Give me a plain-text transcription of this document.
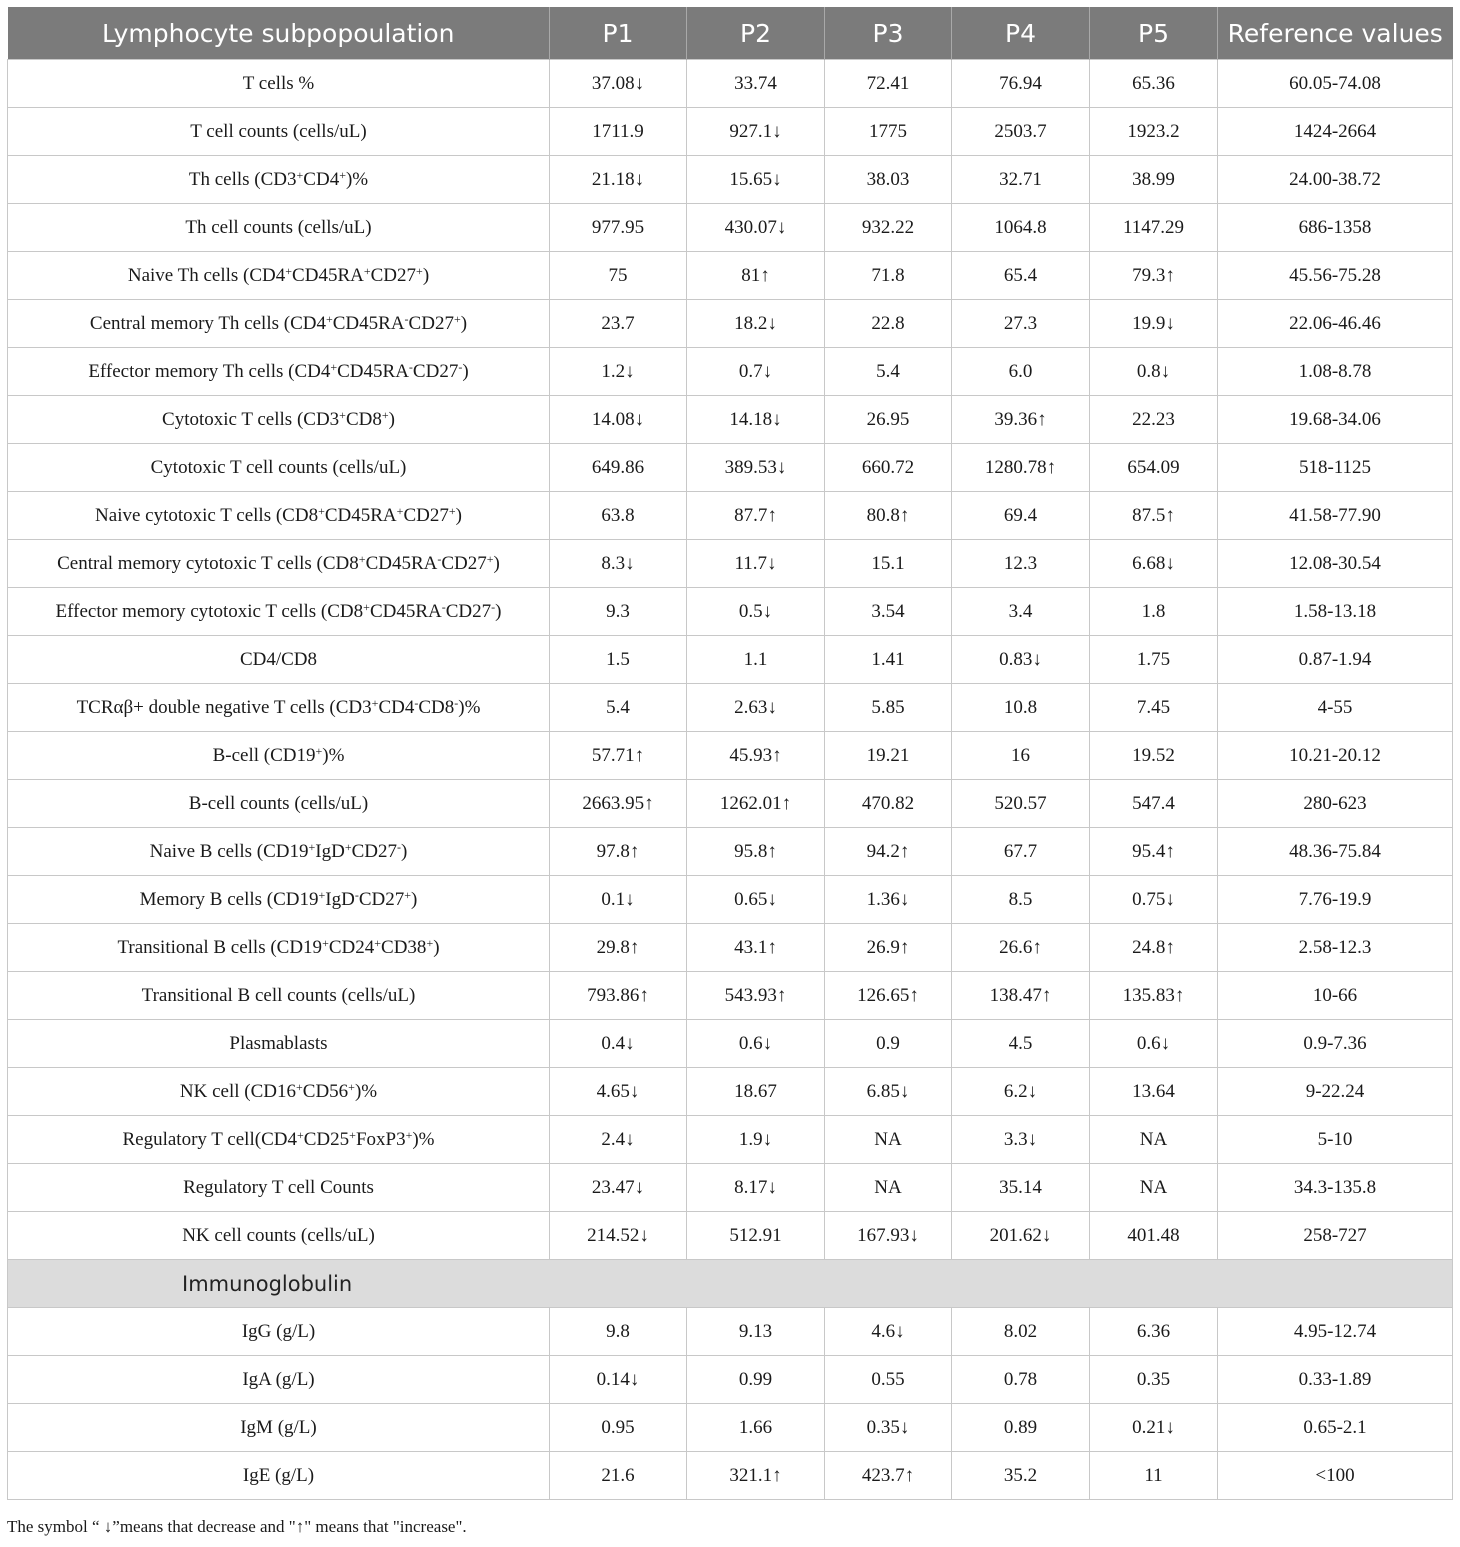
Lymphocyte subpopoulation	P1	P2	P3	P4	P5	Reference values
T cells %	37.08↓	33.74	72.41	76.94	65.36	60.05-74.08
T cell counts (cells/uL)	1711.9	927.1↓	1775	2503.7	1923.2	1424-2664
Th cells (CD3+CD4+)%	21.18↓	15.65↓	38.03	32.71	38.99	24.00-38.72
Th cell counts (cells/uL)	977.95	430.07↓	932.22	1064.8	1147.29	686-1358
Naive Th cells (CD4+CD45RA+CD27+)	75	81↑	71.8	65.4	79.3↑	45.56-75.28
Central memory Th cells (CD4+CD45RA-CD27+)	23.7	18.2↓	22.8	27.3	19.9↓	22.06-46.46
Effector memory Th cells (CD4+CD45RA-CD27-)	1.2↓	0.7↓	5.4	6.0	0.8↓	1.08-8.78
Cytotoxic T cells (CD3+CD8+)	14.08↓	14.18↓	26.95	39.36↑	22.23	19.68-34.06
Cytotoxic T cell counts (cells/uL)	649.86	389.53↓	660.72	1280.78↑	654.09	518-1125
Naive cytotoxic T cells (CD8+CD45RA+CD27+)	63.8	87.7↑	80.8↑	69.4	87.5↑	41.58-77.90
Central memory cytotoxic T cells (CD8+CD45RA-CD27+)	8.3↓	11.7↓	15.1	12.3	6.68↓	12.08-30.54
Effector memory cytotoxic T cells (CD8+CD45RA-CD27-)	9.3	0.5↓	3.54	3.4	1.8	1.58-13.18
CD4/CD8	1.5	1.1	1.41	0.83↓	1.75	0.87-1.94
TCRαβ+ double negative T cells (CD3+CD4-CD8-)%	5.4	2.63↓	5.85	10.8	7.45	4-55
B-cell (CD19+)%	57.71↑	45.93↑	19.21	16	19.52	10.21-20.12
B-cell counts (cells/uL)	2663.95↑	1262.01↑	470.82	520.57	547.4	280-623
Naive B cells (CD19+IgD+CD27-)	97.8↑	95.8↑	94.2↑	67.7	95.4↑	48.36-75.84
Memory B cells (CD19+IgD-CD27+)	0.1↓	0.65↓	1.36↓	8.5	0.75↓	7.76-19.9
Transitional B cells (CD19+CD24+CD38+)	29.8↑	43.1↑	26.9↑	26.6↑	24.8↑	2.58-12.3
Transitional B cell counts (cells/uL)	793.86↑	543.93↑	126.65↑	138.47↑	135.83↑	10-66
Plasmablasts	0.4↓	0.6↓	0.9	4.5	0.6↓	0.9-7.36
NK cell (CD16+CD56+)%	4.65↓	18.67	6.85↓	6.2↓	13.64	9-22.24
Regulatory T cell(CD4+CD25+FoxP3+)%	2.4↓	1.9↓	NA	3.3↓	NA	5-10
Regulatory T cell Counts	23.47↓	8.17↓	NA	35.14	NA	34.3-135.8
NK cell counts (cells/uL)	214.52↓	512.91	167.93↓	201.62↓	401.48	258-727
Immunoglobulin						
IgG (g/L)	9.8	9.13	4.6↓	8.02	6.36	4.95-12.74
IgA (g/L)	0.14↓	0.99	0.55	0.78	0.35	0.33-1.89
IgM (g/L)	0.95	1.66	0.35↓	0.89	0.21↓	0.65-2.1
IgE (g/L)	21.6	321.1↑	423.7↑	35.2	11	<100
The symbol “ ↓”means that decrease and "↑" means that "increase".
